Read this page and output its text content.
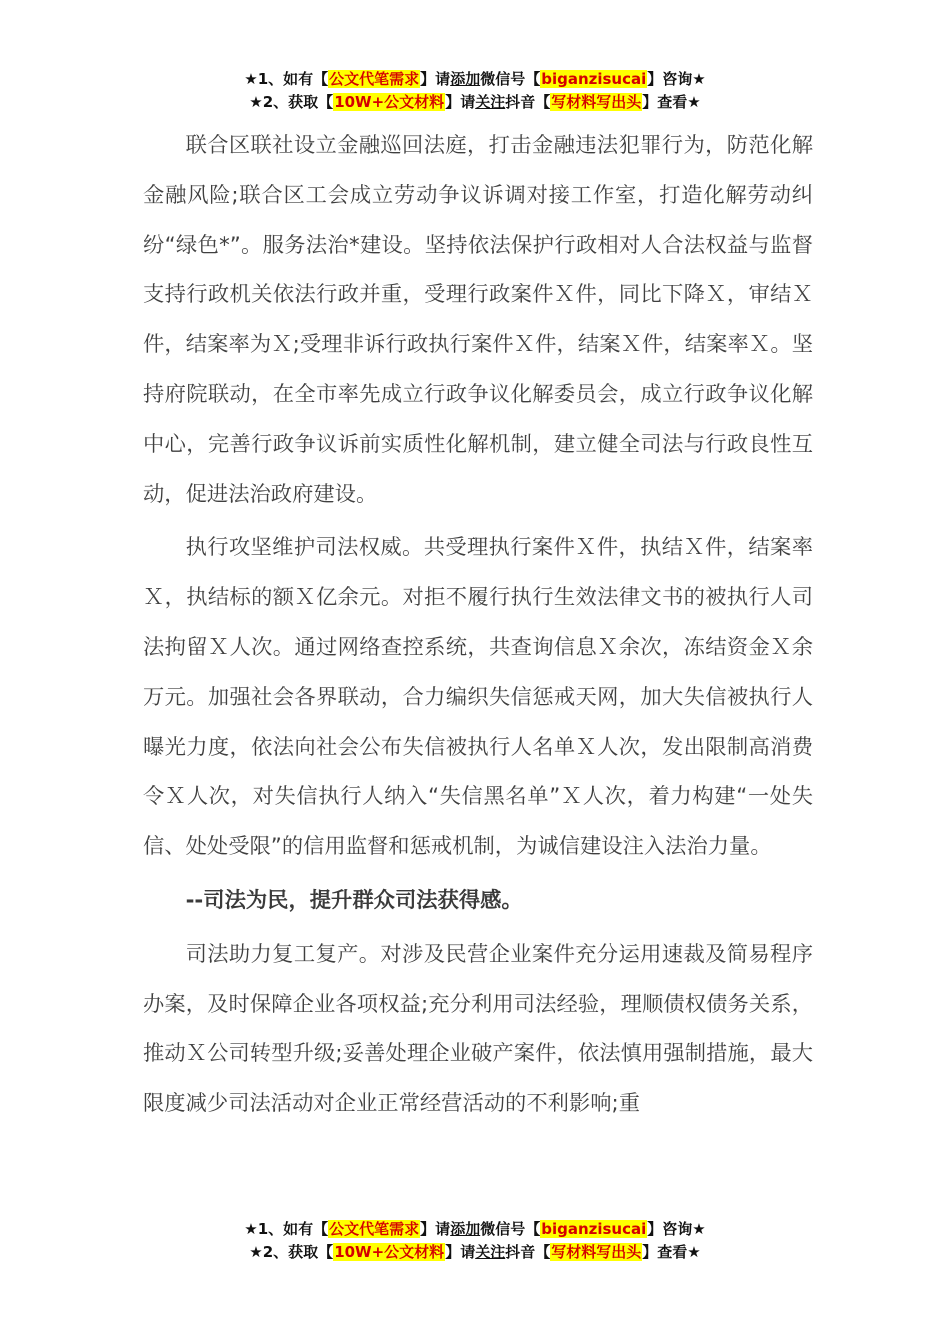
★1、如有【公文代笔需求】请添加微信号【biganzisucai】咨询★
★2、获取【10W+公文材料】请关注抖音【写材料写出头】查看★

联合区联社设立金融巡回法庭，打击金融违法犯罪行为，防范化解金融风险;联合区工会成立劳动争议诉调对接工作室，打造化解劳动纠纷“绿色*”。服务法治*建设。坚持依法保护行政相对人合法权益与监督支持行政机关依法行政并重，受理行政案件Ｘ件，同比下降Ｘ，审结Ｘ件，结案率为Ｘ;受理非诉行政执行案件Ｘ件，结案Ｘ件，结案率Ｘ。坚持府院联动，在全市率先成立行政争议化解委员会，成立行政争议化解中心，完善行政争议诉前实质性化解机制，建立健全司法与行政良性互动，促进法治政府建设。

执行攻坚维护司法权威。共受理执行案件Ｘ件，执结Ｘ件，结案率Ｘ，执结标的额Ｘ亿余元。对拒不履行执行生效法律文书的被执行人司法拘留Ｘ人次。通过网络查控系统，共查询信息Ｘ余次，冻结资金Ｘ余万元。加强社会各界联动，合力编织失信惩戒天网，加大失信被执行人曝光力度，依法向社会公布失信被执行人名单Ｘ人次，发出限制高消费令Ｘ人次，对失信执行人纳入“失信黑名单”Ｘ人次，着力构建“一处失信、处处受限”的信用监督和惩戒机制，为诚信建设注入法治力量。

--司法为民，提升群众司法获得感。

司法助力复工复产。对涉及民营企业案件充分运用速裁及简易程序办案，及时保障企业各项权益;充分利用司法经验，理顺债权债务关系，推动Ｘ公司转型升级;妥善处理企业破产案件，依法慎用强制措施，最大限度减少司法活动对企业正常经营活动的不利影响;重

★1、如有【公文代笔需求】请添加微信号【biganzisucai】咨询★
★2、获取【10W+公文材料】请关注抖音【写材料写出头】查看★
